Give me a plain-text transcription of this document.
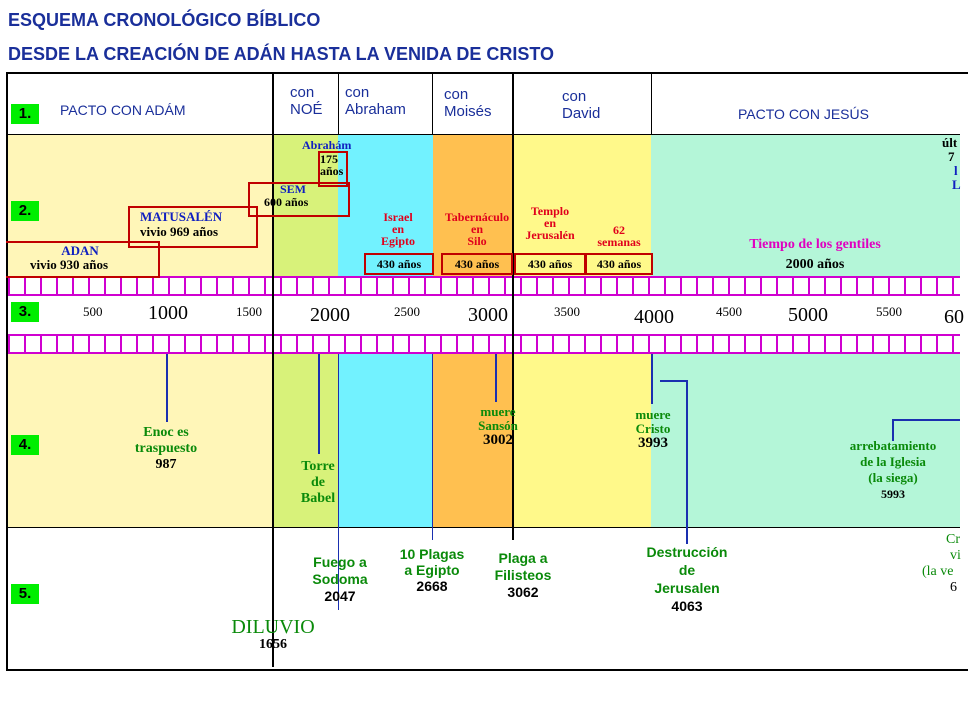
ESQUEMA CRONOLÓGICO BÍBLICO
DESDE LA CREACIÓN DE ADÁN HASTA LA VENIDA DE CRISTO
500 1000	1500 2000	2500 3000	3500	4000	4500 5000	5500 60
1.
2.
3.
4.
5.
PACTO CON ADÁM
con
NOÉ
con
Abraham
con
Moisés
con
David	PACTO CON JESÚS
ADAN
vivio 930 años
MATUSALÉN
vivio 969 años
SEM
600 años
Abrahám
175
años
Israel
en
Egipto
Tabernáculo
en
Silo
Templo
en
Jerusalén	62
semanas
430 años	430 años	430 años	430 años
Tiempo de los gentiles
2000 años
últ
7
l
L
Enoc es
traspuesto
987	Torre
de
Babel
muere
Sansón
3002
muere
Cristo
3993	arrebatamiento
de la Iglesia
(la siega)
5993
DILUVIO
1656
Fuego a
Sodoma
2047
10 Plagas
a Egipto
2668
Plaga a
Filisteos
3062
Destrucción
de
Jerusalen
4063
Cr
vi
(la ve
6
